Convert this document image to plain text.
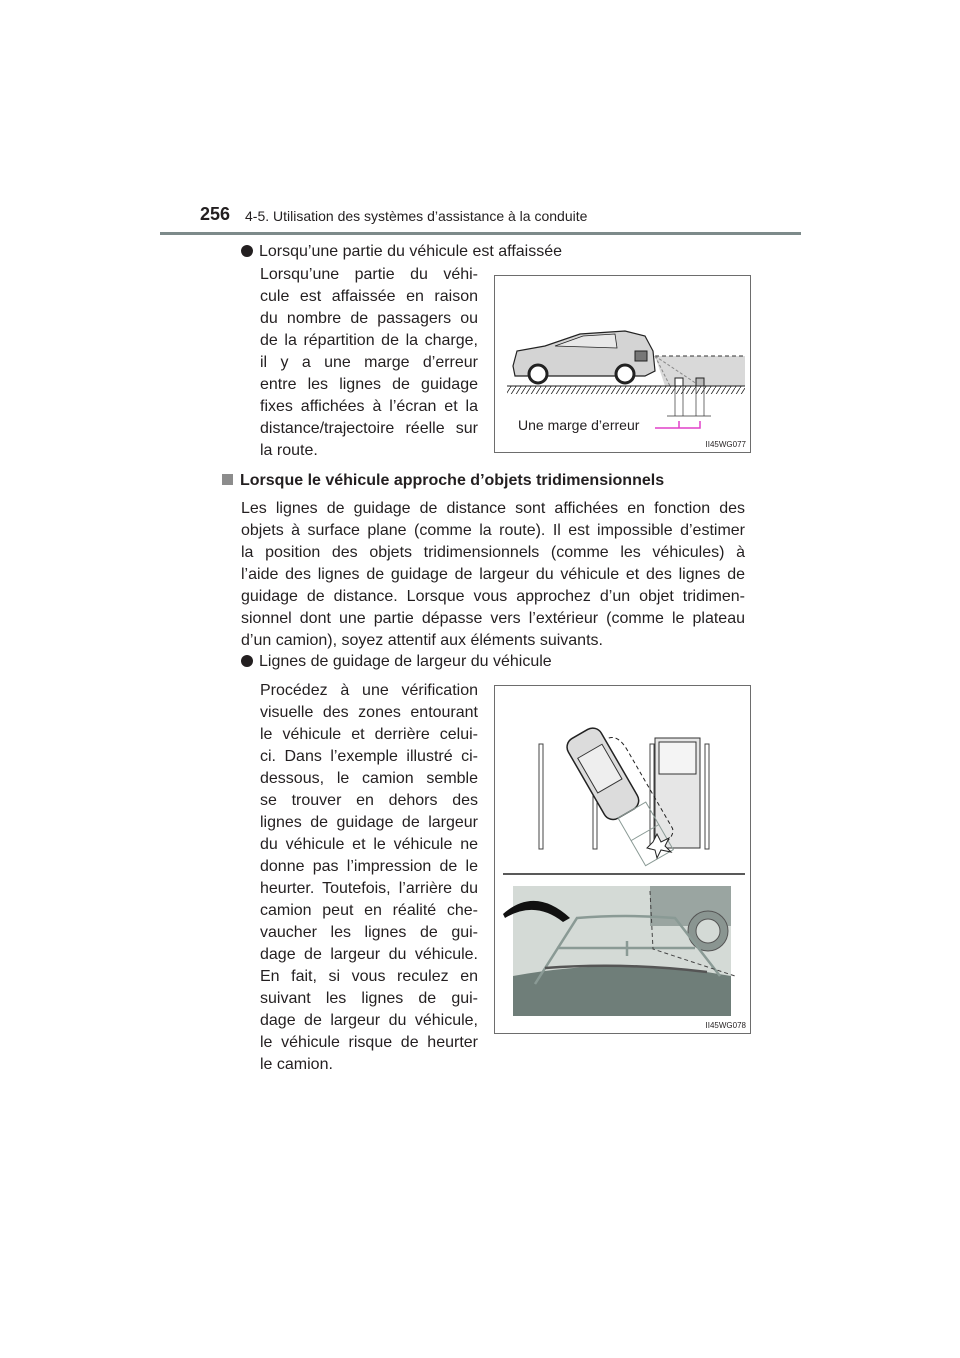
256 4-5. Utilisation des systèmes d’assistance à la conduite
Lorsqu’une partie du véhicule est affaissée
Lorsqu’une partie du véhi-
cule est affaissée en raison
du nombre de passagers ou
de la répartition de la charge,
il y a une marge d’erreur
entre les lignes de guidage
fixes affichées à l’écran et la
distance/trajectoire réelle sur
la route.
Une marge d’erreur
II45WG077
Lorsque le véhicule approche d’objets tridimensionnels
Les lignes de guidage de distance sont affichées en fonction des
objets à surface plane (comme la route). Il est impossible d’estimer
la position des objets tridimensionnels (comme les véhicules) à
l’aide des lignes de guidage de largeur du véhicule et des lignes de
guidage de distance. Lorsque vous approchez d’un objet tridimen-
sionnel dont une partie dépasse vers l’extérieur (comme le plateau
d’un camion), soyez attentif aux éléments suivants.
Lignes de guidage de largeur du véhicule
Procédez à une vérification
visuelle des zones entourant
le véhicule et derrière celui-
ci. Dans l’exemple illustré ci-
dessous, le camion semble
se trouver en dehors des
lignes de guidage de largeur
du véhicule et le véhicule ne
donne pas l’impression de le
heurter. Toutefois, l’arrière du
camion peut en réalité che-
vaucher les lignes de gui-
dage de largeur du véhicule.
En fait, si vous reculez en
suivant les lignes de gui-
dage de largeur du véhicule,
le véhicule risque de heurter
le camion.
II45WG078
